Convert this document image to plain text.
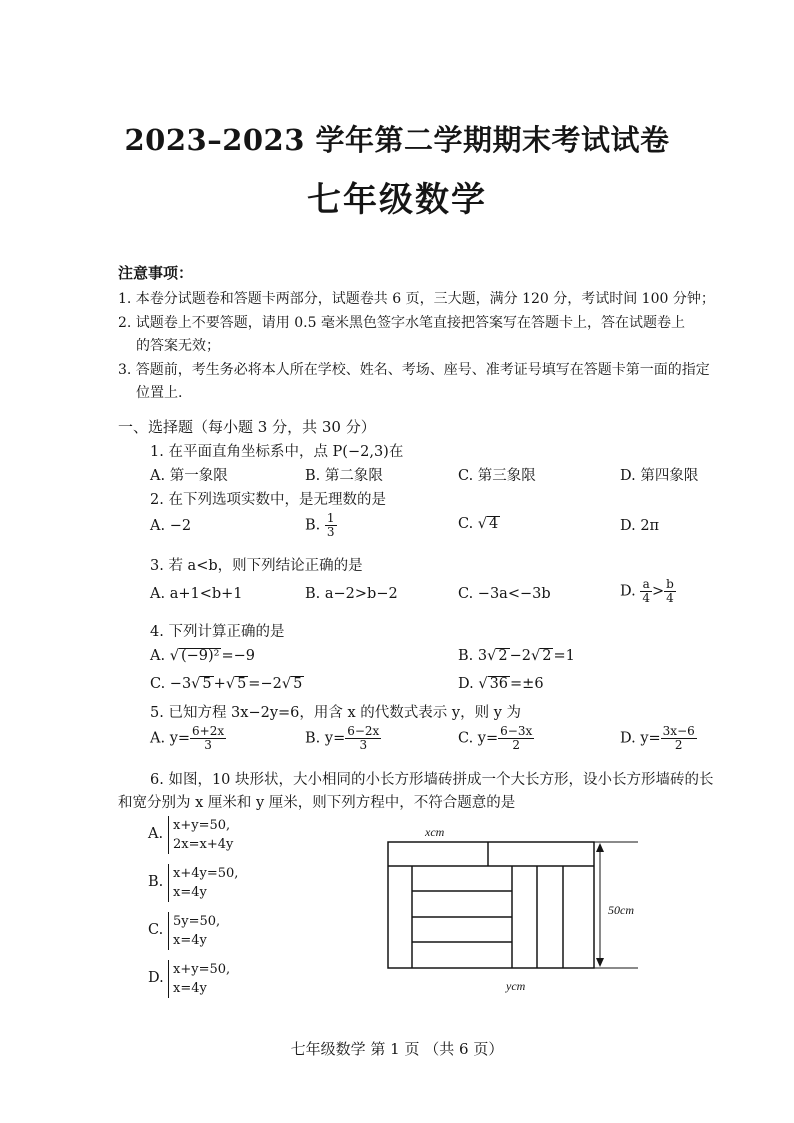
2023–2023 学年第二学期期末考试试卷
七年级数学
注意事项：
1. 本卷分试题卷和答题卡两部分，试题卷共 6 页，三大题，满分 120 分，考试时间 100 分钟；
2. 试题卷上不要答题，请用 0.5 毫米黑色签字水笔直接把答案写在答题卡上，答在试题卷上
的答案无效；
3. 答题前，考生务必将本人所在学校、姓名、考场、座号、准考证号填写在答题卡第一面的指定
位置上.
一、选择题（每小题 3 分，共 30 分）
1. 在平面直角坐标系中，点 P(−2,3)在
A. 第一象限	B. 第二象限	C. 第三象限	D. 第四象限
2. 在下列选项实数中，是无理数的是
A. −2	B. $\frac{1}{3}$	C. √ 4	D. 2π
3. 若 a<b，则下列结论正确的是
A. a+1<b+1	B. a−2>b−2	C. −3a<−3b	D. $\frac{a}{4} > \frac{b}{4}$
4. 下列计算正确的是
A. √ (−9)² =−9	B. 3√ 2 −2√ 2 =1
C. −3√ 5 +√ 5 =−2√ 5	D. √ 36 =±6
5. 已知方程 3x−2y=6，用含 x 的代数式表示 y，则 y 为
A. $y= \frac{6+2x}{3}$	B. $y= \frac{6-2x}{3}$	C. $y= \frac{6-3x}{2}$	D. $y= \frac{3x-6}{2}$
6. 如图，10 块形状，大小相同的小长方形墙砖拼成一个大长方形，设小长方形墙砖的长
和宽分别为 x 厘米和 y 厘米，则下列方程中，不符合题意的是
A.
x+y=50,
2x=x+4y
B.
x+4y=50,
x=4y
C.
5y=50,
x=4y
D.
x+y=50,
x=4y
xcm
50cm
ycm
七年级数学 第 1 页 （共 6 页）
